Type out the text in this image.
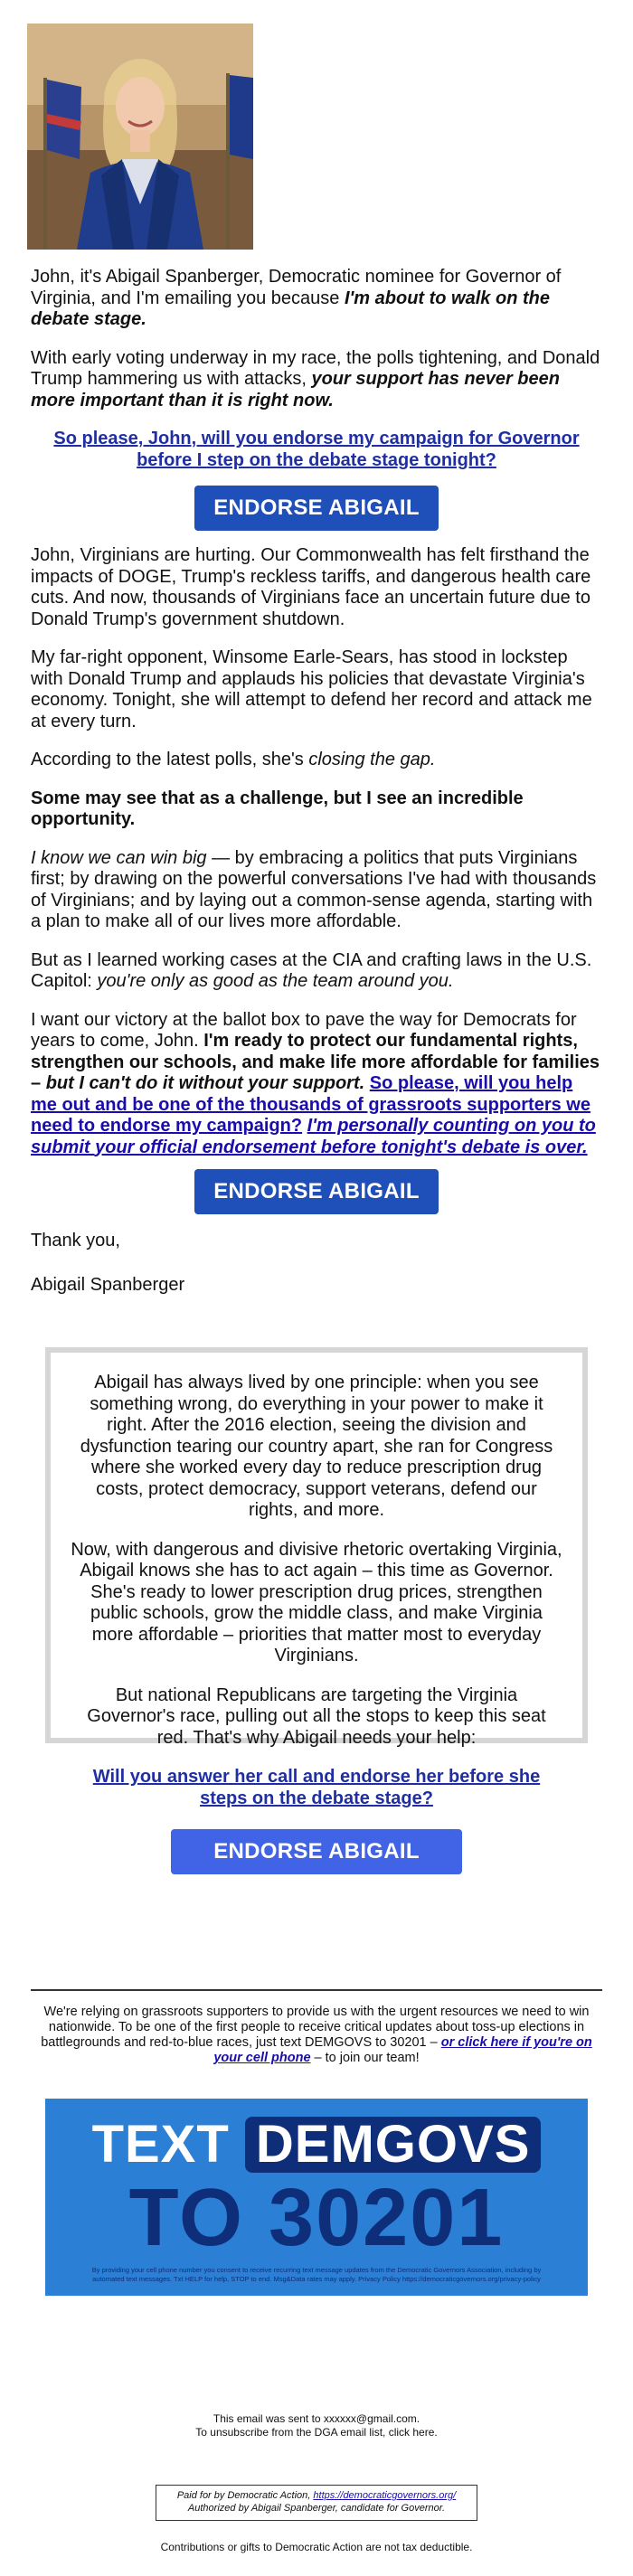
John, it's Abigail Spanberger, Democratic nominee for Governor of Virginia, and I'm emailing you because I'm about to walk on the debate stage.

With early voting underway in my race, the polls tightening, and Donald Trump hammering us with attacks, your support has never been more important than it is right now.

So please, John, will you endorse my campaign for Governor before I step on the debate stage tonight?

ENDORSE ABIGAIL

John, Virginians are hurting. Our Commonwealth has felt firsthand the impacts of DOGE, Trump's reckless tariffs, and dangerous health care cuts. And now, thousands of Virginians face an uncertain future due to Donald Trump's government shutdown.

My far-right opponent, Winsome Earle-Sears, has stood in lockstep with Donald Trump and applauds his policies that devastate Virginia's economy. Tonight, she will attempt to defend her record and attack me at every turn.

According to the latest polls, she's closing the gap.

Some may see that as a challenge, but I see an incredible opportunity.

I know we can win big — by embracing a politics that puts Virginians first; by drawing on the powerful conversations I've had with thousands of Virginians; and by laying out a common-sense agenda, starting with a plan to make all of our lives more affordable.

But as I learned working cases at the CIA and crafting laws in the U.S. Capitol: you're only as good as the team around you.

I want our victory at the ballot box to pave the way for Democrats for years to come, John. I'm ready to protect our fundamental rights, strengthen our schools, and make life more affordable for families – but I can't do it without your support. So please, will you help me out and be one of the thousands of grassroots supporters we need to endorse my campaign? I'm personally counting on you to submit your official endorsement before tonight's debate is over.

ENDORSE ABIGAIL

Thank you,

Abigail Spanberger

Abigail has always lived by one principle: when you see something wrong, do everything in your power to make it right. After the 2016 election, seeing the division and dysfunction tearing our country apart, she ran for Congress where she worked every day to reduce prescription drug costs, protect democracy, support veterans, defend our rights, and more.

Now, with dangerous and divisive rhetoric overtaking Virginia, Abigail knows she has to act again – this time as Governor. She's ready to lower prescription drug prices, strengthen public schools, grow the middle class, and make Virginia more affordable – priorities that matter most to everyday Virginians.

But national Republicans are targeting the Virginia Governor's race, pulling out all the stops to keep this seat red. That's why Abigail needs your help:

Will you answer her call and endorse her before she steps on the debate stage?

ENDORSE ABIGAIL
We're relying on grassroots supporters to provide us with the urgent resources we need to win nationwide. To be one of the first people to receive critical updates about toss-up elections in battlegrounds and red-to-blue races, just text DEMGOVS to 30201 – or click here if you're on your cell phone – to join our team!
TEXT DEMGOVS
TO 30201
By providing your cell phone number you consent to receive recurring text message updates from the Democratic Governors Association, including by automated text messages. Txt HELP for help, STOP to end. Msg&Data rates may apply. Privacy Policy https://democraticgovernors.org/privacy-policy
This email was sent to xxxxxx@gmail.com.
To unsubscribe from the DGA email list, click here.
Paid for by Democratic Action, https://democraticgovernors.org/
Authorized by Abigail Spanberger, candidate for Governor.
Contributions or gifts to Democratic Action are not tax deductible.
